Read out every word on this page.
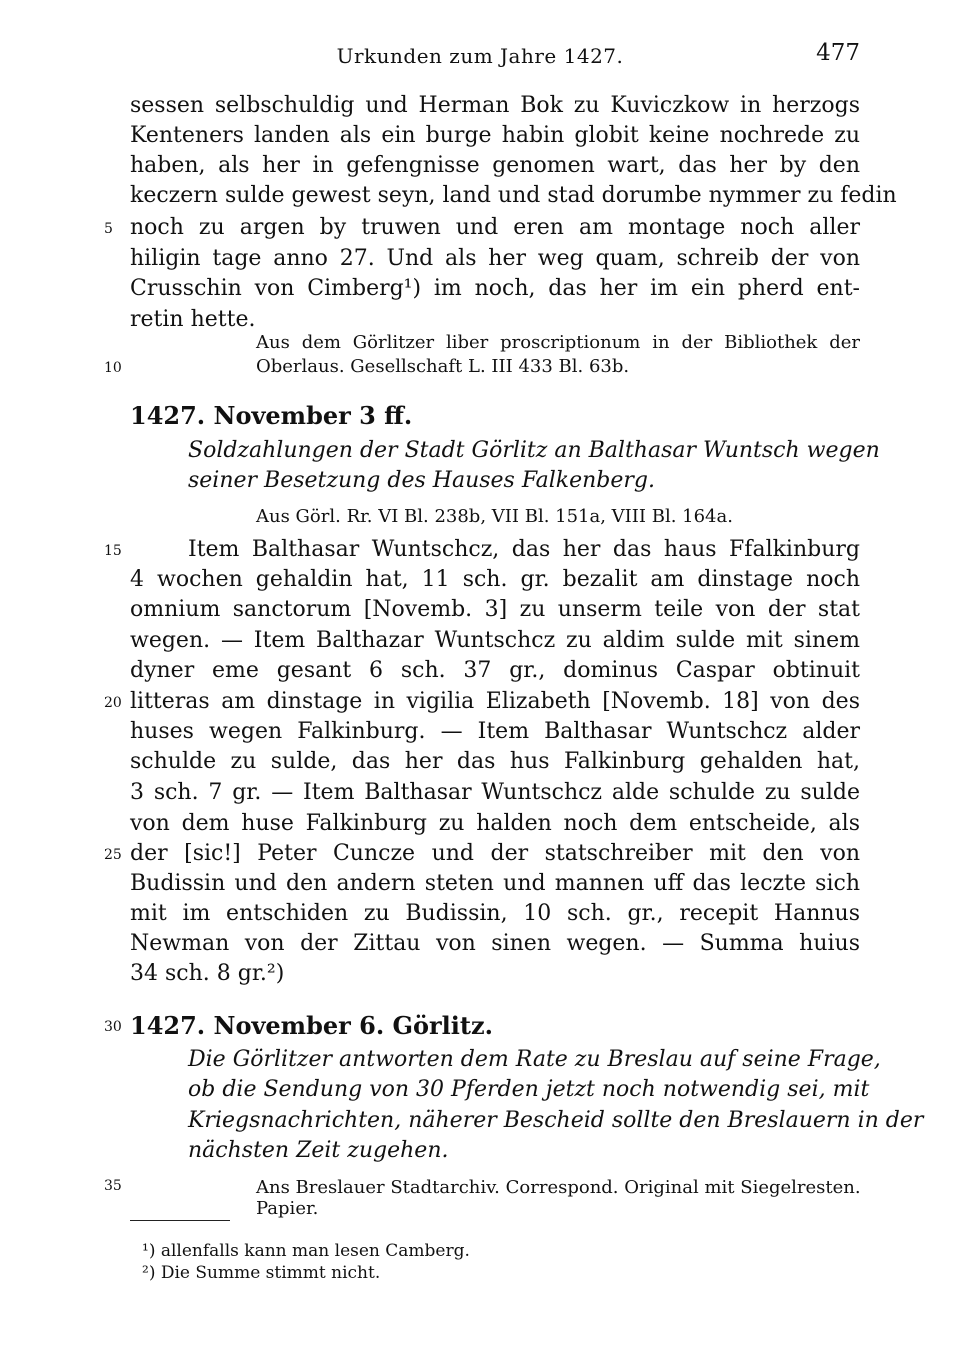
Urkunden zum Jahre 1427.	477
sessen selbschuldig und Herman Bok zu Kuviczkow in herzogs
Kenteners landen als ein burge habin globit keine nochrede zu
haben, als her in gefengnisse genomen wart, das her by den
keczern sulde gewest seyn, land und stad dorumbe nymmer zu fedin
noch zu argen by truwen und eren am montage noch aller
hiligin tage anno 27. Und als her weg quam, schreib der von
Crusschin von Cimberg¹) im noch, das her im ein pherd ent-
retin hette.
Aus dem Görlitzer liber proscriptionum in der Bibliothek der
Oberlaus. Gesellschaft L. III 433 Bl. 63b.
1427. November 3 ff.
Soldzahlungen der Stadt Görlitz an Balthasar Wuntsch wegen
seiner Besetzung des Hauses Falkenberg.
Aus Görl. Rr. VI Bl. 238b, VII Bl. 151a, VIII Bl. 164a.
Item Balthasar Wuntschcz, das her das haus Ffalkinburg
4 wochen gehaldin hat, 11 sch. gr. bezalit am dinstage noch
omnium sanctorum [Novemb. 3] zu unserm teile von der stat
wegen. — Item Balthazar Wuntschcz zu aldim sulde mit sinem
dyner eme gesant 6 sch. 37 gr., dominus Caspar obtinuit
litteras am dinstage in vigilia Elizabeth [Novemb. 18] von des
huses wegen Falkinburg. — Item Balthasar Wuntschcz alder
schulde zu sulde, das her das hus Falkinburg gehalden hat,
3 sch. 7 gr. — Item Balthasar Wuntschcz alde schulde zu sulde
von dem huse Falkinburg zu halden noch dem entscheide, als
der [sic!] Peter Cuncze und der statschreiber mit den von
Budissin und den andern steten und mannen uff das leczte sich
mit im entschiden zu Budissin, 10 sch. gr., recepit Hannus
Newman von der Zittau von sinen wegen. — Summa huius
34 sch. 8 gr.²)
1427. November 6. Görlitz.
Die Görlitzer antworten dem Rate zu Breslau auf seine Frage,
ob die Sendung von 30 Pferden jetzt noch notwendig sei, mit
Kriegsnachrichten, näherer Bescheid sollte den Breslauern in der
nächsten Zeit zugehen.
Ans Breslauer Stadtarchiv. Correspond. Original mit Siegelresten.
Papier.
5
10
15
20
25
30
35
¹) allenfalls kann man lesen Camberg.
²) Die Summe stimmt nicht.
